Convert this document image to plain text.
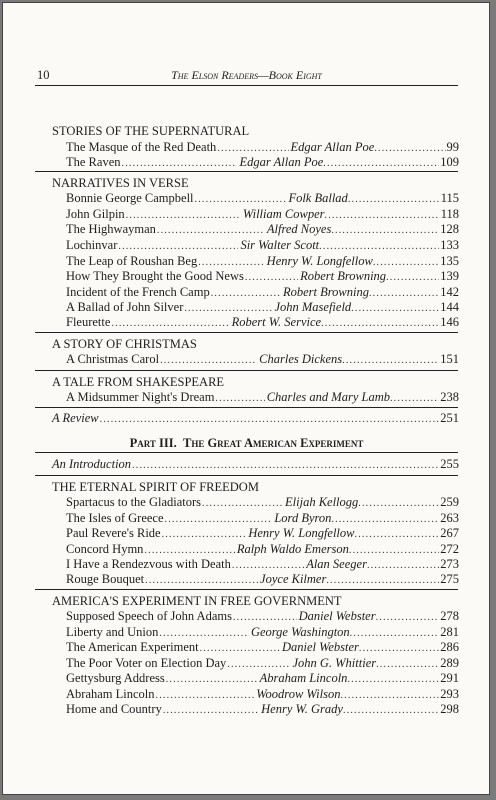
10	The Elson Readers—Book Eight
STORIES OF THE SUPERNATURAL
The Masque of the Red Death .....	Edgar Allan Poe .....	99
The Raven .....	Edgar Allan Poe .....	109
NARRATIVES IN VERSE
Bonnie George Campbell .....	Folk Ballad .....	115
John Gilpin .....	William Cowper .....	118
The Highwayman .....	Alfred Noyes .....	128
Lochinvar .....	Sir Walter Scott .....	133
The Leap of Roushan Beg .....	Henry W. Longfellow .....	135
How They Brought the Good News .....	Robert Browning .....	139
Incident of the French Camp .....	Robert Browning .....	142
A Ballad of John Silver .....	John Masefield .....	144
Fleurette .....	Robert W. Service .....	146
A STORY OF CHRISTMAS
A Christmas Carol .....	Charles Dickens .....	151
A TALE FROM SHAKESPEARE
A Midsummer Night's Dream .....	Charles and Mary Lamb .....	238
A Review .....	251
Part III. The Great American Experiment
An Introduction .....	255
THE ETERNAL SPIRIT OF FREEDOM
Spartacus to the Gladiators .....	Elijah Kellogg .....	259
The Isles of Greece .....	Lord Byron .....	263
Paul Revere's Ride .....	Henry W. Longfellow .....	267
Concord Hymn .....	Ralph Waldo Emerson .....	272
I Have a Rendezvous with Death .....	Alan Seeger .....	273
Rouge Bouquet .....	Joyce Kilmer .....	275
AMERICA'S EXPERIMENT IN FREE GOVERNMENT
Supposed Speech of John Adams .....	Daniel Webster .....	278
Liberty and Union .....	George Washington .....	281
The American Experiment .....	Daniel Webster .....	286
The Poor Voter on Election Day .....	John G. Whittier .....	289
Gettysburg Address .....	Abraham Lincoln .....	291
Abraham Lincoln .....	Woodrow Wilson .....	293
Home and Country .....	Henry W. Grady .....	298
